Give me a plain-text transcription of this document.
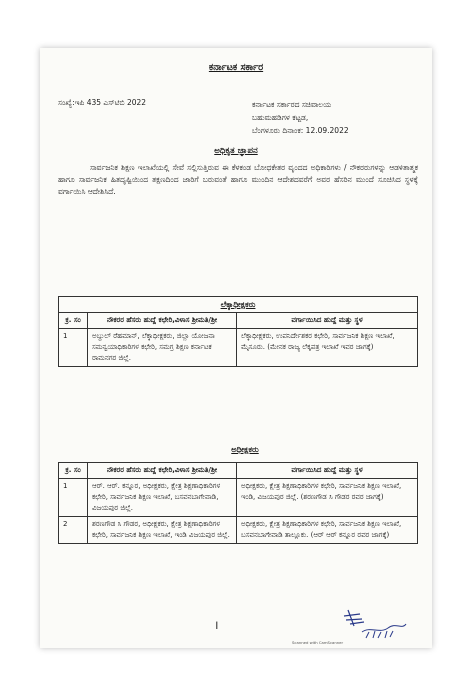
ಕರ್ನಾಟಕ ಸರ್ಕಾರ
ಸಂಖ್ಯೆ:ಇಪಿ 435 ಎಸ್‌ಟಿಬಿ 2022	ಕರ್ನಾಟಕ ಸರ್ಕಾರದ ಸಚಿವಾಲಯ
ಬಹುಮಹಡಿಗಳ ಕಟ್ಟಡ,
ಬೆಂಗಳೂರು ದಿನಾಂಕ: 12.09.2022
ಅಧಿಕೃತ ಜ್ಞಾಪನ
ಸಾರ್ವಜನಿಕ ಶಿಕ್ಷಣ ಇಲಾಖೆಯಲ್ಲಿ ಸೇವೆ ಸಲ್ಲಿಸುತ್ತಿರುವ ಈ ಕೆಳಕಂಡ ಬೋಧಕೇತರ ವೃಂದದ ಅಧಿಕಾರಿಗಳು / ನೌಕರರುಗಳನ್ನು ಆಡಳಿತಾತ್ಮಕ ಹಾಗೂ ಸಾರ್ವಜನಿಕ ಹಿತದೃಷ್ಟಿಯಿಂದ ತಕ್ಷಣದಿಂದ ಜಾರಿಗೆ ಬರುವಂತೆ ಹಾಗೂ ಮುಂದಿನ ಆದೇಶದವರೆಗೆ ಅವರ ಹೆಸರಿನ ಮುಂದೆ ಸೂಚಿಸಿದ ಸ್ಥಳಕ್ಕೆ ವರ್ಗಾಯಿಸಿ ಆದೇಶಿಸಿದೆ.
ಲೆಕ್ಕಾಧೀಕ್ಷಕರು		
ಕ್ರ. ಸಂ	ನೌಕರರ ಹೆಸರು ಹುದ್ದೆ ಕಛೇರಿ,ವಿಳಾಸ ಶ್ರೀಮತಿ/ಶ್ರೀ	ವರ್ಗಾಯಿಸಿದ ಹುದ್ದೆ ಮತ್ತು ಸ್ಥಳ
1	ಅಬ್ದುಲ್ ರೆಹಮಾನ್, ಲೆಕ್ಕಾಧೀಕ್ಷಕರು, ಜಿಲ್ಲಾ ಯೋಜನಾ ಸಮನ್ವಯಾಧಿಕಾರಿಗಳ ಕಛೇರಿ, ಸಮಗ್ರ ಶಿಕ್ಷಣ ಕರ್ನಾಟಕ ರಾಮನಗರ ಜಿಲ್ಲೆ.	ಲೆಕ್ಕಾಧೀಕ್ಷಕರು, ಉಪನಿರ್ದೇಶಕರ ಕಛೇರಿ, ಸಾರ್ವಜನಿಕ ಶಿಕ್ಷಣ ಇಲಾಖೆ, ಮೈಸೂರು. (ಮೇನಕ ರಾಜ್ಯ ಲೆಕ್ಕಪತ್ರ ಇಲಾಖೆ ಇವರ ಜಾಗಕ್ಕೆ)
ಅಧೀಕ್ಷಕರು
ಕ್ರ. ಸಂ	ನೌಕರರ ಹೆಸರು ಹುದ್ದೆ ಕಛೇರಿ,ವಿಳಾಸ ಶ್ರೀಮತಿ/ಶ್ರೀ	ವರ್ಗಾಯಿಸಿದ ಹುದ್ದೆ ಮತ್ತು ಸ್ಥಳ
1	ಆರ್. ಆರ್. ಕನ್ನೂರ, ಅಧೀಕ್ಷಕರು, ಕ್ಷೇತ್ರ ಶಿಕ್ಷಣಾಧಿಕಾರಿಗಳ ಕಛೇರಿ, ಸಾರ್ವಜನಿಕ ಶಿಕ್ಷಣ ಇಲಾಖೆ, ಬಸವನಬಾಗೇವಾಡಿ, ವಿಜಯಪುರ ಜಿಲ್ಲೆ.	ಅಧೀಕ್ಷಕರು, ಕ್ಷೇತ್ರ ಶಿಕ್ಷಣಾಧಿಕಾರಿಗಳ ಕಛೇರಿ, ಸಾರ್ವಜನಿಕ ಶಿಕ್ಷಣ ಇಲಾಖೆ, ಇಂಡಿ, ವಿಜಯಪುರ ಜಿಲ್ಲೆ. (ಶರಣಗೌಡ ಸಿ ಗೌಡರ ರವರ ಜಾಗಕ್ಕೆ)
2	ಶರಣಗೌಡ ಸಿ ಗೌಡರ, ಅಧೀಕ್ಷಕರು, ಕ್ಷೇತ್ರ ಶಿಕ್ಷಣಾಧಿಕಾರಿಗಳ ಕಛೇರಿ, ಸಾರ್ವಜನಿಕ ಶಿಕ್ಷಣ ಇಲಾಖೆ, ಇಂಡಿ ವಿಜಯಪುರ ಜಿಲ್ಲೆ.	ಅಧೀಕ್ಷಕರು, ಕ್ಷೇತ್ರ ಶಿಕ್ಷಣಾಧಿಕಾರಿಗಳ ಕಛೇರಿ, ಸಾರ್ವಜನಿಕ ಶಿಕ್ಷಣ ಇಲಾಖೆ, ಬಸವನಬಾಗೇವಾಡಿ ತಾಲ್ಲೂಕು. (ಆರ್ ಆರ್ ಕನ್ನೂರ ರವರ ಜಾಗಕ್ಕೆ)
।
Scanned with CamScanner
